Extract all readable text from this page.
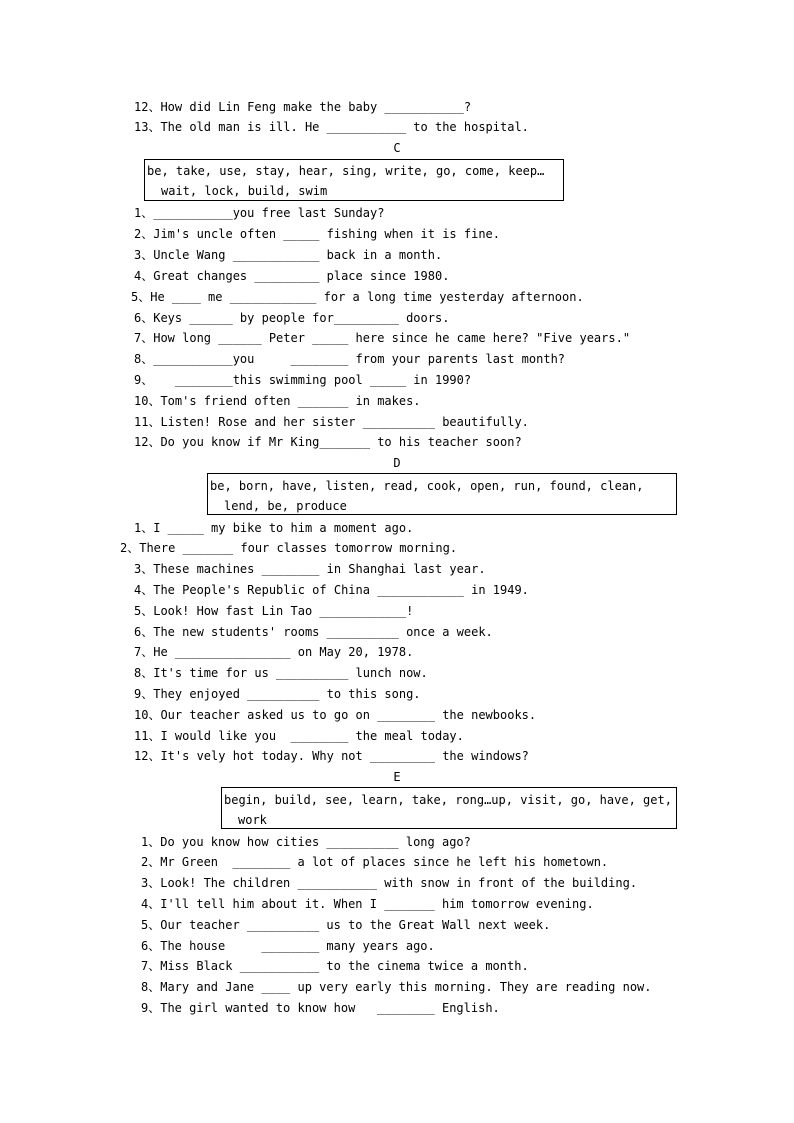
12、How did Lin Feng make the baby ___________?
13、The old man is ill. He ___________ to the hospital.
C
be, take, use, stay, hear, sing, write, go, come, keep…
wait, lock, build, swim
1、___________you free last Sunday?
2、Jim's uncle often _____ fishing when it is fine.
3、Uncle Wang ____________ back in a month.
4、Great changes _________ place since 1980.
5、He ____ me ____________ for a long time yesterday afternoon.
6、Keys ______ by people for_________ doors.
7、How long ______ Peter _____ here since he came here? "Five years."
8、___________you     ________ from your parents last month?
9、   ________this swimming pool _____ in 1990?
10、Tom's friend often _______ in makes.
11、Listen! Rose and her sister __________ beautifully.
12、Do you know if Mr King_______ to his teacher soon?
D
be, born, have, listen, read, cook, open, run, found, clean,
lend, be, produce
1、I _____ my bike to him a moment ago.
2、There _______ four classes tomorrow morning.
3、These machines ________ in Shanghai last year.
4、The People's Republic of China ____________ in 1949.
5、Look! How fast Lin Tao ____________!
6、The new students' rooms __________ once a week.
7、He ________________ on May 20, 1978.
8、It's time for us __________ lunch now.
9、They enjoyed __________ to this song.
10、Our teacher asked us to go on ________ the newbooks.
11、I would like you  ________ the meal today.
12、It's vely hot today. Why not _________ the windows?
E
begin, build, see, learn, take, rong…up, visit, go, have, get,
work
1、Do you know how cities __________ long ago?
2、Mr Green  ________ a lot of places since he left his hometown.
3、Look! The children ___________ with snow in front of the building.
4、I'll tell him about it. When I _______ him tomorrow evening.
5、Our teacher __________ us to the Great Wall next week.
6、The house     ________ many years ago.
7、Miss Black ___________ to the cinema twice a month.
8、Mary and Jane ____ up very early this morning. They are reading now.
9、The girl wanted to know how   ________ English.
